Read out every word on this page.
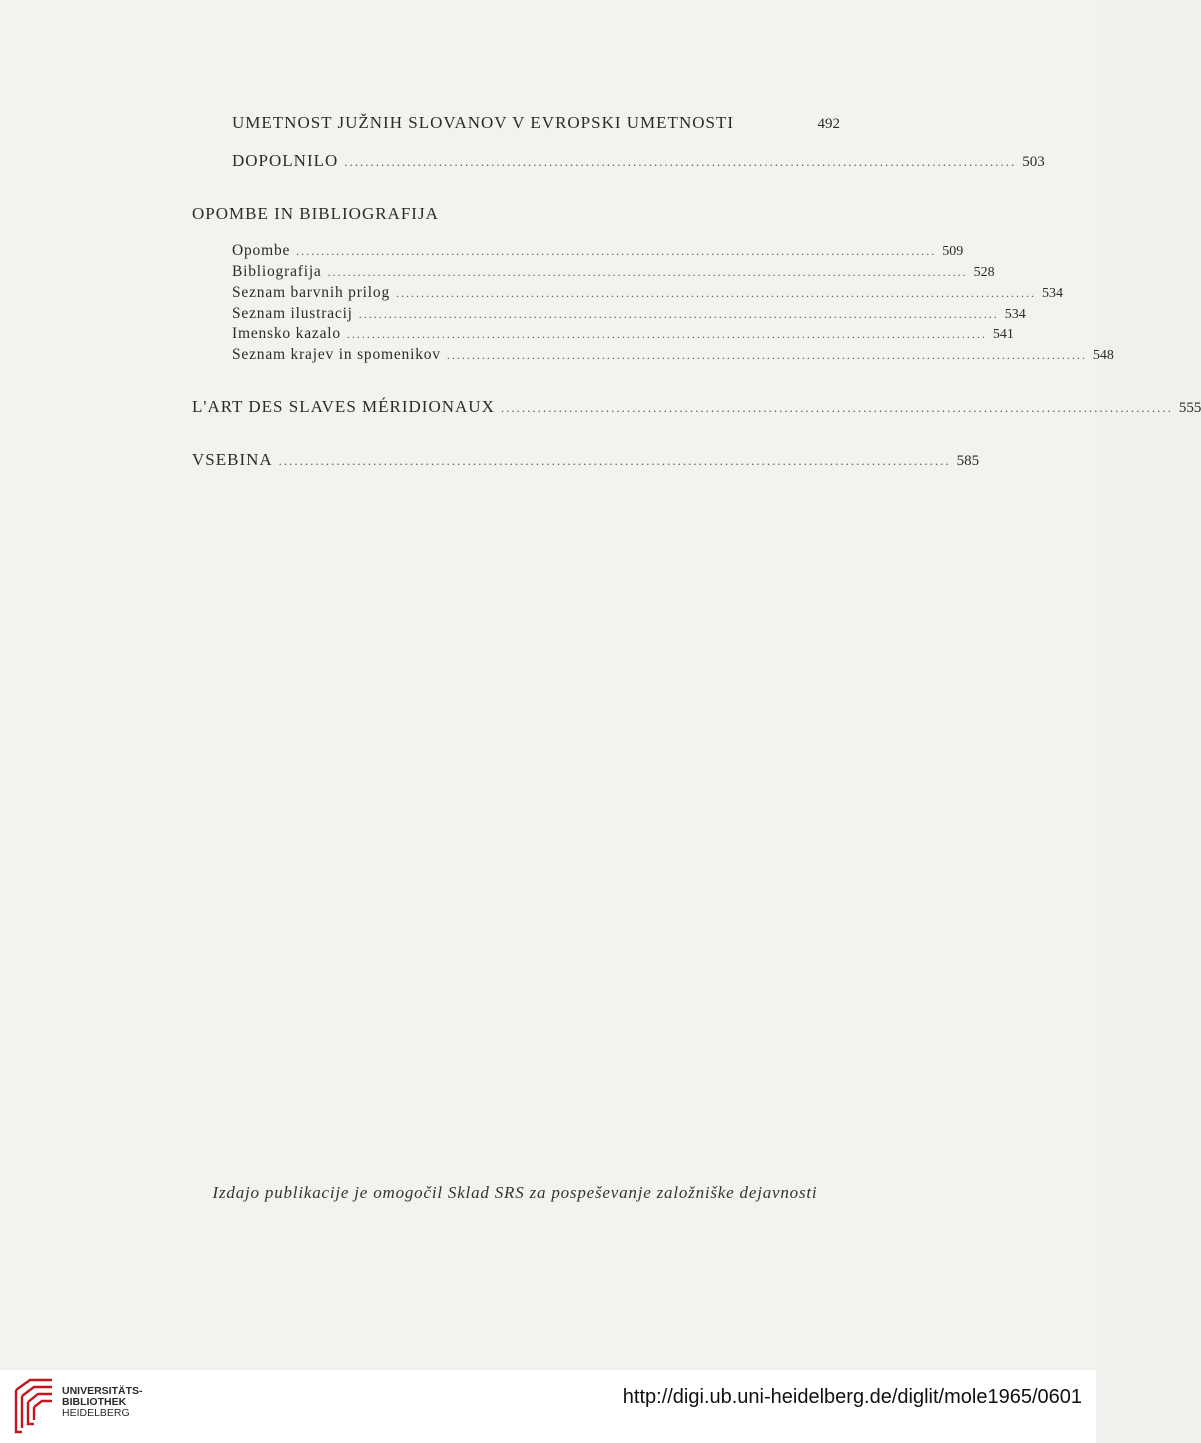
UMETNOST JUŽNIH SLOVANOV V EVROPSKI UMETNOSTI	492
DOPOLNILO ................................................................................................................................ 503
OPOMBE IN BIBLIOGRAFIJA
Opombe ................................................................................................................................ 509
Bibliografija ................................................................................................................................ 528
Seznam barvnih prilog ................................................................................................................................ 534
Seznam ilustracij ................................................................................................................................ 534
Imensko kazalo ................................................................................................................................ 541
Seznam krajev in spomenikov ................................................................................................................................ 548
L'ART DES SLAVES MÉRIDIONAUX ................................................................................................................................ 555
VSEBINA ................................................................................................................................ 585
Izdajo publikacije je omogočil Sklad SRS za pospeševanje založniške dejavnosti
UNIVERSITÄTS-
BIBLIOTHEK
HEIDELBERG
http://digi.ub.uni-heidelberg.de/diglit/mole1965/0601
